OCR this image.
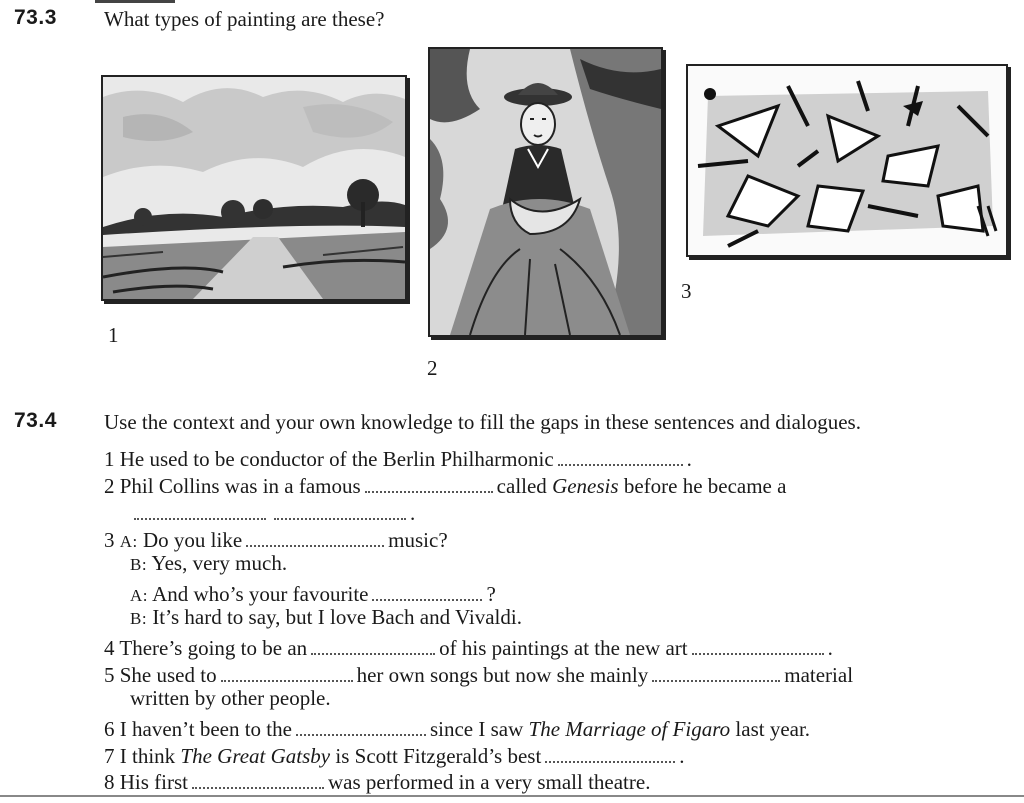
73.3 What types of painting are these?
1
2
3
73.4 Use the context and your own knowledge to fill the gaps in these sentences and dialogues.
1 He used to be conductor of the Berlin Philharmonic	.
2 Phil Collins was in a famous	called Genesis before he became a
.
3 A: Do you like	music?
B: Yes, very much.
A: And who’s your favourite	?
B: It’s hard to say, but I love Bach and Vivaldi.
4 There’s going to be an	of his paintings at the new art	.
5 She used to	her own songs but now she mainly	material
written by other people.
6 I haven’t been to the	since I saw The Marriage of Figaro last year.
7 I think The Great Gatsby is Scott Fitzgerald’s best	.
8 His first	was performed in a very small theatre.
